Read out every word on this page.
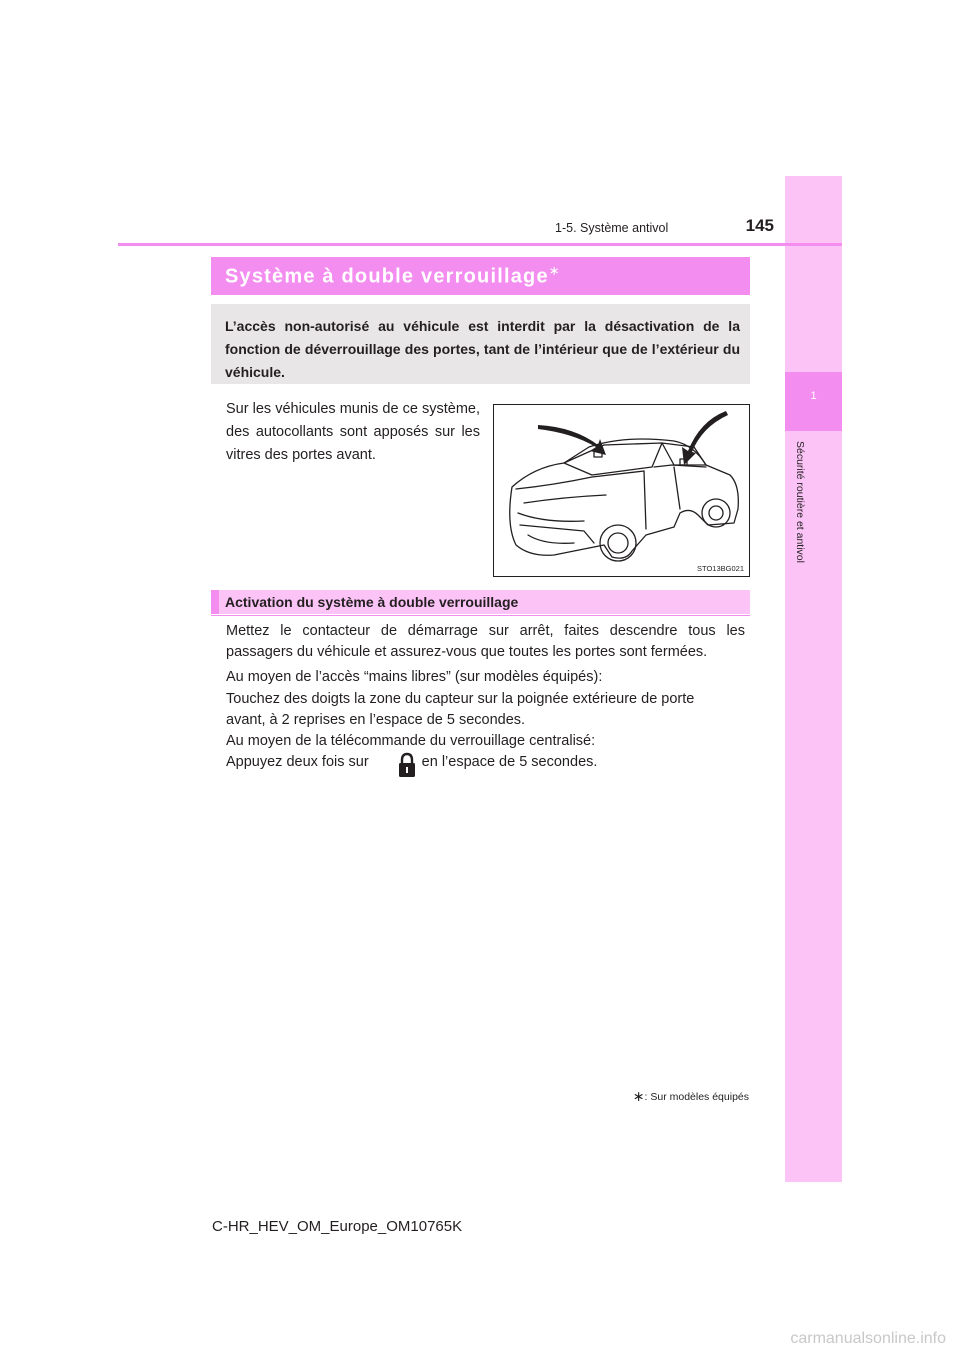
1
Sécurité routière et antivol
1-5. Système antivol	145
Système à double verrouillage∗
L’accès non-autorisé au véhicule est interdit par la désactivation de la fonction de déverrouillage des portes, tant de l’intérieur que de l’extérieur du véhicule.
Sur les véhicules munis de ce système, des autocollants sont apposés sur les vitres des portes avant.
STO13BG021
Activation du système à double verrouillage
Mettez le contacteur de démarrage sur arrêt, faites descendre tous les passagers du véhicule et assurez-vous que toutes les portes sont fermées.
Au moyen de l’accès “mains libres” (sur modèles équipés):
Touchez des doigts la zone du capteur sur la poignée extérieure de porte
avant, à 2 reprises en l’espace de 5 secondes.
Au moyen de la télécommande du verrouillage centralisé:
Appuyez deux fois sur	en l’espace de 5 secondes.
∗: Sur modèles équipés
C-HR_HEV_OM_Europe_OM10765K
carmanualsonline.info
